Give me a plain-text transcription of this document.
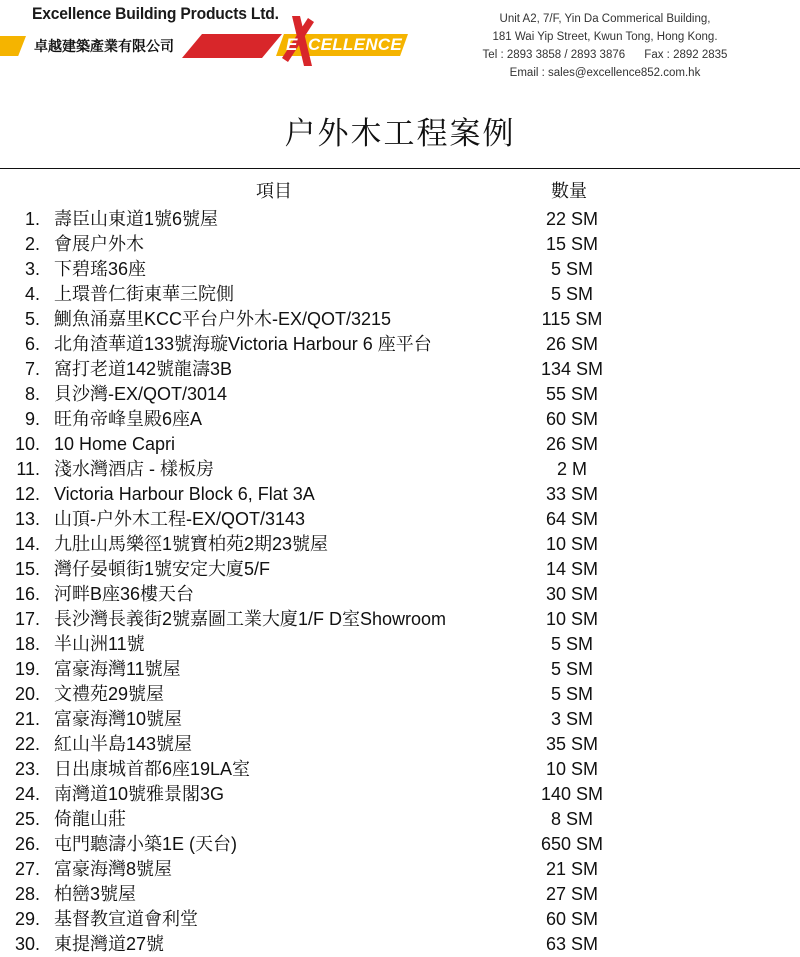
Excellence Building Products Ltd.
卓越建築產業有限公司	E CELLENCE
Unit A2, 7/F, Yin Da Commerical Building,
181 Wai Yip Street, Kwun Tong, Hong Kong.
Tel : 2893 3858 / 2893 3876      Fax : 2892 2835
Email : sales@excellence852.com.hk
户外木工程案例
項目	數量
1. 壽臣山東道1號6號屋	22 SM
2. 會展户外木	15 SM
3. 下碧瑤36座	5 SM
4. 上環普仁街東華三院側	5 SM
5. 鰂魚涌嘉里KCC平台户外木-EX/QOT/3215	115 SM
6. 北角渣華道133號海璇Victoria Harbour 6 座平台	26 SM
7. 窩打老道142號龍濤3B	134 SM
8. 貝沙灣-EX/QOT/3014	55 SM
9. 旺角帝峰皇殿6座A	60 SM
10. 10 Home Capri	26 SM
11. 淺水灣酒店 - 樣板房	2 M
12. Victoria Harbour Block 6, Flat 3A	33 SM
13. 山頂-户外木工程-EX/QOT/3143	64 SM
14. 九肚山馬樂徑1號寶柏苑2期23號屋	10 SM
15. 灣仔晏頓街1號安定大廈5/F	14 SM
16. 河畔B座36樓天台	30 SM
17. 長沙灣長義街2號嘉圖工業大廈1/F D室Showroom	10 SM
18. 半山洲11號	5 SM
19. 富豪海灣11號屋	5 SM
20. 文禮苑29號屋	5 SM
21. 富豪海灣10號屋	3 SM
22. 紅山半島143號屋	35 SM
23. 日出康城首都6座19LA室	10 SM
24. 南灣道10號雅景閣3G	140 SM
25. 倚龍山莊	8 SM
26. 屯門聽濤小築1E (天台)	650 SM
27. 富豪海灣8號屋	21 SM
28. 柏巒3號屋	27 SM
29. 基督教宣道會利堂	60 SM
30. 東提灣道27號	63 SM
